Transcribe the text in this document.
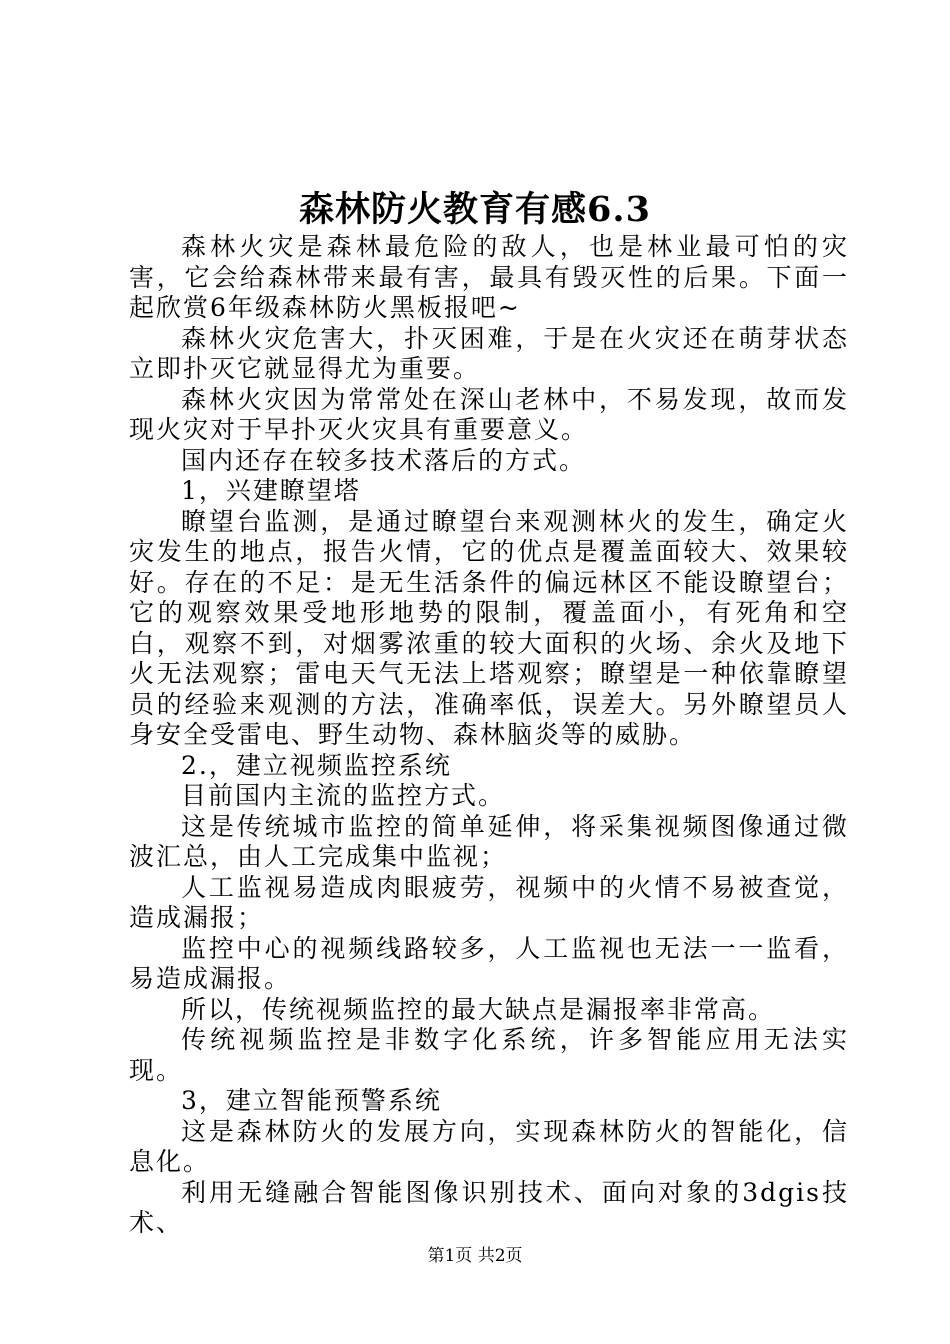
森林防火教育有感6.3

森林火灾是森林最危险的敌人，也是林业最可怕的灾害，它会给森林带来最有害，最具有毁灭性的后果。下面一起欣赏6年级森林防火黑板报吧~

森林火灾危害大，扑灭困难，于是在火灾还在萌芽状态立即扑灭它就显得尤为重要。

森林火灾因为常常处在深山老林中，不易发现，故而发现火灾对于早扑灭火灾具有重要意义。

国内还存在较多技术落后的方式。

1，兴建瞭望塔

瞭望台监测，是通过瞭望台来观测林火的发生，确定火灾发生的地点，报告火情，它的优点是覆盖面较大、效果较好。存在的不足：是无生活条件的偏远林区不能设瞭望台；它的观察效果受地形地势的限制，覆盖面小，有死角和空白，观察不到，对烟雾浓重的较大面积的火场、余火及地下火无法观察；雷电天气无法上塔观察；瞭望是一种依靠瞭望员的经验来观测的方法，准确率低，误差大。另外瞭望员人身安全受雷电、野生动物、森林脑炎等的威胁。

2.，建立视频监控系统

目前国内主流的监控方式。

这是传统城市监控的简单延伸，将采集视频图像通过微波汇总，由人工完成集中监视；

人工监视易造成肉眼疲劳，视频中的火情不易被查觉，造成漏报；

监控中心的视频线路较多，人工监视也无法一一监看，易造成漏报。

所以，传统视频监控的最大缺点是漏报率非常高。

传统视频监控是非数字化系统，许多智能应用无法实现。

3，建立智能预警系统

这是森林防火的发展方向，实现森林防火的智能化，信息化。

利用无缝融合智能图像识别技术、面向对象的3dgis技术、

第1页 共2页
